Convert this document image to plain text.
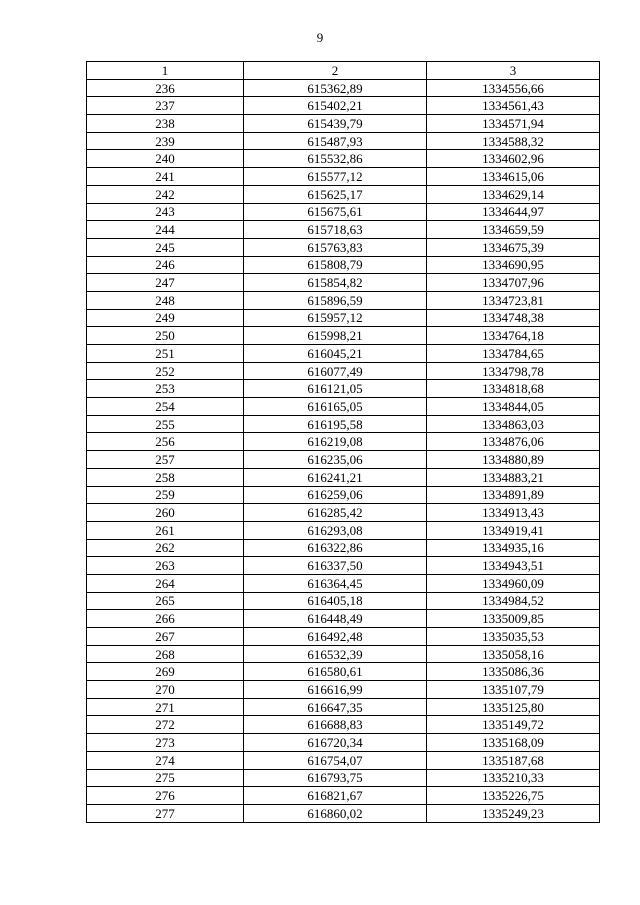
9
1	2	3
236	615362,89	1334556,66
237	615402,21	1334561,43
238	615439,79	1334571,94
239	615487,93	1334588,32
240	615532,86	1334602,96
241	615577,12	1334615,06
242	615625,17	1334629,14
243	615675,61	1334644,97
244	615718,63	1334659,59
245	615763,83	1334675,39
246	615808,79	1334690,95
247	615854,82	1334707,96
248	615896,59	1334723,81
249	615957,12	1334748,38
250	615998,21	1334764,18
251	616045,21	1334784,65
252	616077,49	1334798,78
253	616121,05	1334818,68
254	616165,05	1334844,05
255	616195,58	1334863,03
256	616219,08	1334876,06
257	616235,06	1334880,89
258	616241,21	1334883,21
259	616259,06	1334891,89
260	616285,42	1334913,43
261	616293,08	1334919,41
262	616322,86	1334935,16
263	616337,50	1334943,51
264	616364,45	1334960,09
265	616405,18	1334984,52
266	616448,49	1335009,85
267	616492,48	1335035,53
268	616532,39	1335058,16
269	616580,61	1335086,36
270	616616,99	1335107,79
271	616647,35	1335125,80
272	616688,83	1335149,72
273	616720,34	1335168,09
274	616754,07	1335187,68
275	616793,75	1335210,33
276	616821,67	1335226,75
277	616860,02	1335249,23
